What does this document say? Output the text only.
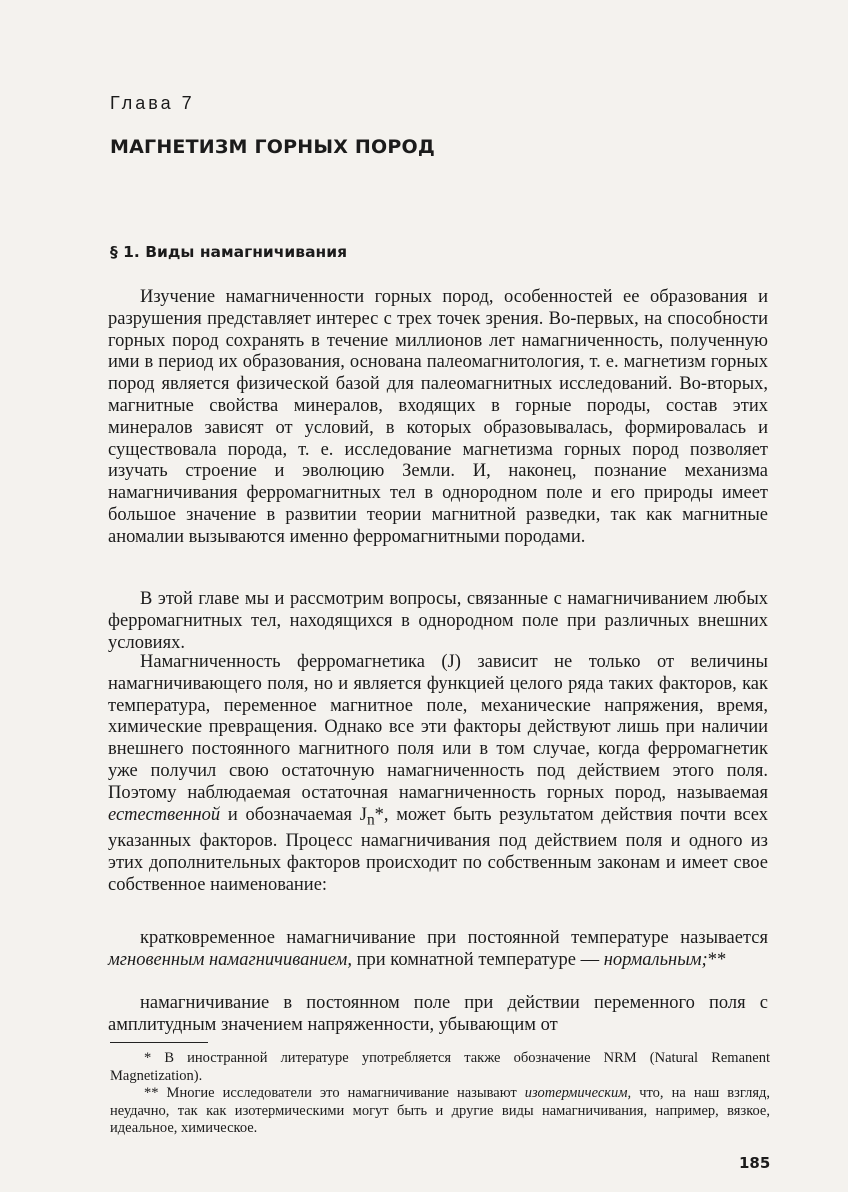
Глава 7
МАГНЕТИЗМ ГОРНЫХ ПОРОД
§ 1. Виды намагничивания

Изучение намагниченности горных пород, особенностей ее образования и разрушения представляет интерес с трех точек зрения. Во-первых, на способности горных пород сохранять в течение миллионов лет намагниченность, полученную ими в период их образования, основана палеомагнитология, т. е. магнетизм горных пород является физической базой для палеомагнитных исследований. Во-вторых, магнитные свойства минералов, входящих в горные породы, состав этих минералов зависят от условий, в которых образовывалась, формировалась и существовала порода, т. е. исследование магнетизма горных пород позволяет изучать строение и эволюцию Земли. И, наконец, познание механизма намагничивания ферромагнитных тел в однородном поле и его природы имеет большое значение в развитии теории магнитной разведки, так как магнитные аномалии вызываются именно ферромагнитными породами.

В этой главе мы и рассмотрим вопросы, связанные с намагничиванием любых ферромагнитных тел, находящихся в однородном поле при различных внешних условиях.

Намагниченность ферромагнетика (J) зависит не только от величины намагничивающего поля, но и является функцией целого ряда таких факторов, как температура, переменное магнитное поле, механические напряжения, время, химические превращения. Однако все эти факторы действуют лишь при наличии внешнего постоянного магнитного поля или в том случае, когда ферромагнетик уже получил свою остаточную намагниченность под действием этого поля. Поэтому наблюдаемая остаточная намагниченность горных пород, называемая естественной и обозначаемая $J_n*$, может быть результатом действия почти всех указанных факторов. Процесс намагничивания под действием поля и одного из этих дополнительных факторов происходит по собственным законам и имеет свое собственное наименование:

кратковременное намагничивание при постоянной температуре называется мгновенным намагничиванием, при комнатной температуре — нормальным;**

намагничивание в постоянном поле при действии переменного поля с амплитудным значением напряженности, убывающим от

* В иностранной литературе употребляется также обозначение NRM (Natural Remanent Magnetization).

** Многие исследователи это намагничивание называют изотермическим, что, на наш взгляд, неудачно, так как изотермическими могут быть и другие виды намагничивания, например, вязкое, идеальное, химическое.

185
